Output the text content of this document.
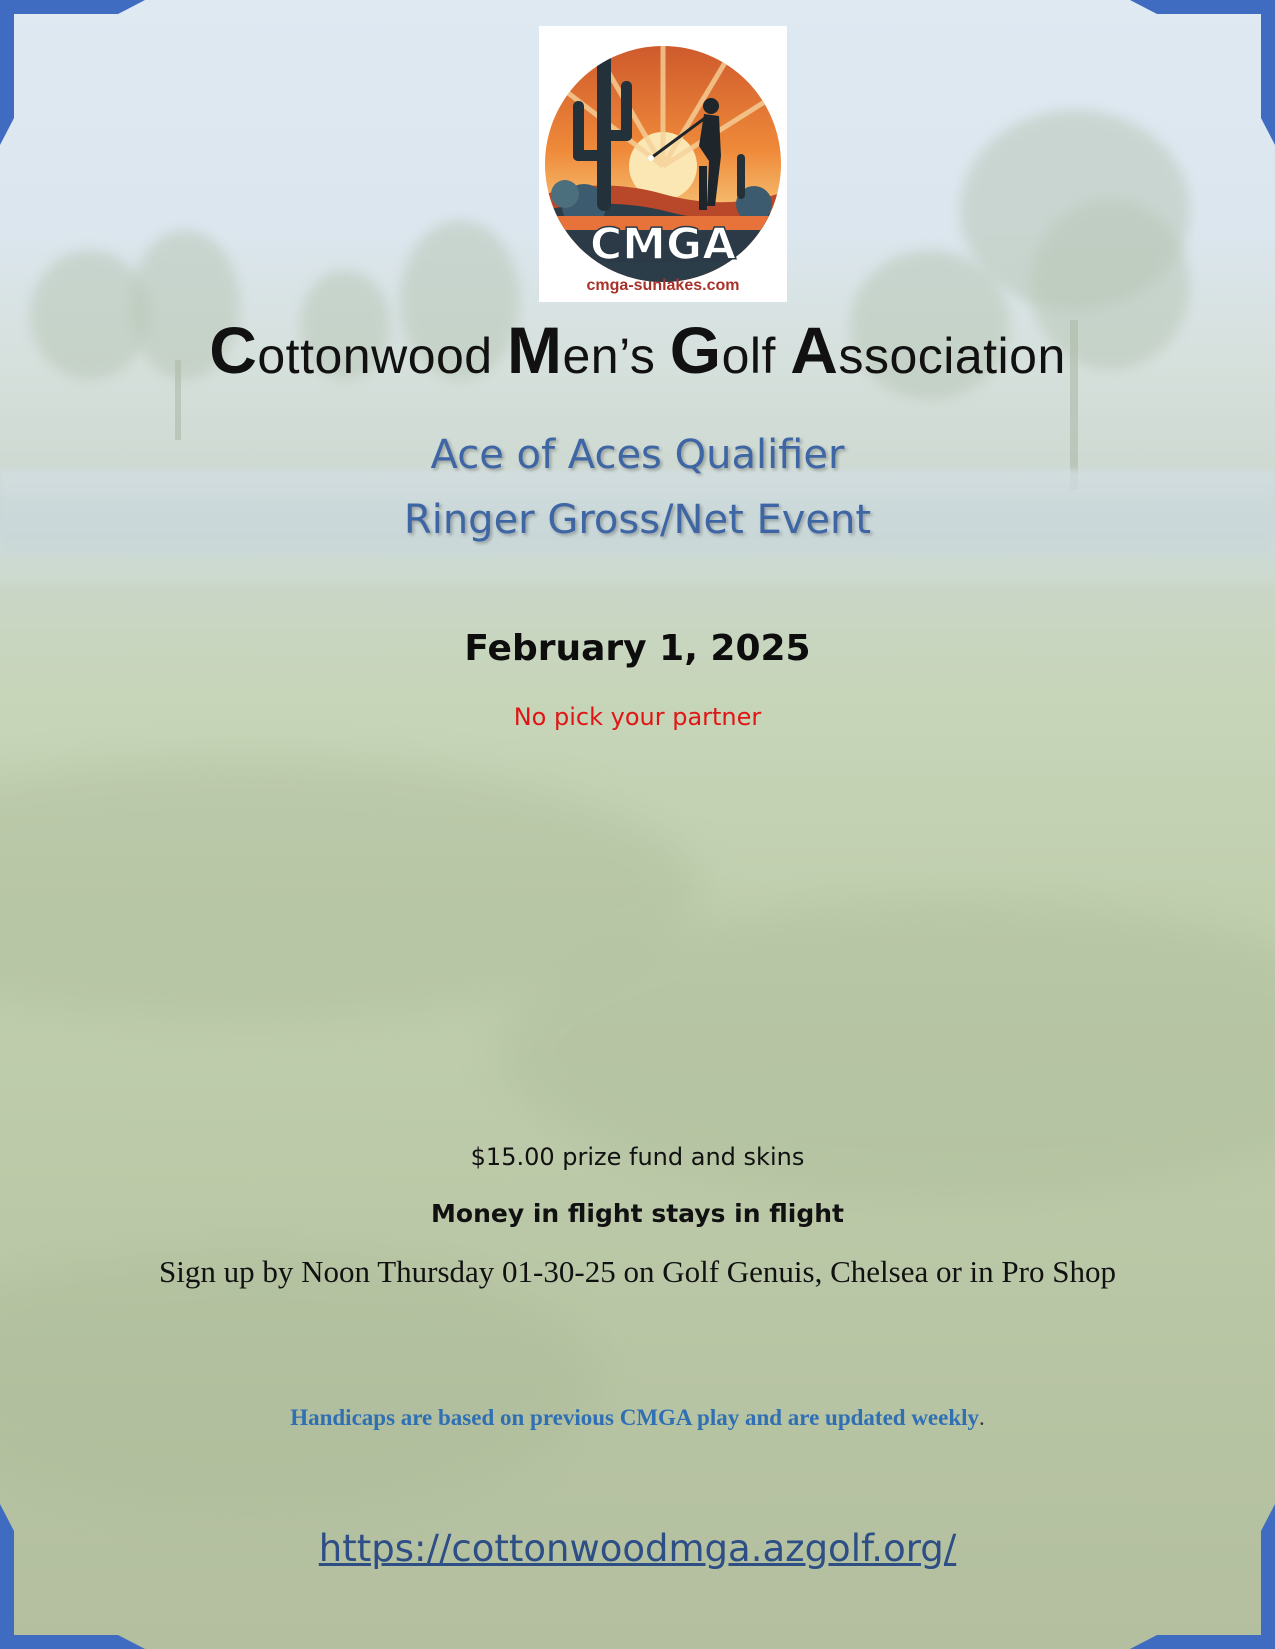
CMGA
cmga-sunlakes.com
Cottonwood Men’s Golf Association
Ace of Aces Qualifier
Ringer Gross/Net Event
February 1, 2025
No pick your partner
$15.00 prize fund and skins
Money in flight stays in flight
Sign up by Noon Thursday 01-30-25 on Golf Genuis, Chelsea or in Pro Shop
Handicaps are based on previous CMGA play and are updated weekly.
https://cottonwoodmga.azgolf.org/
